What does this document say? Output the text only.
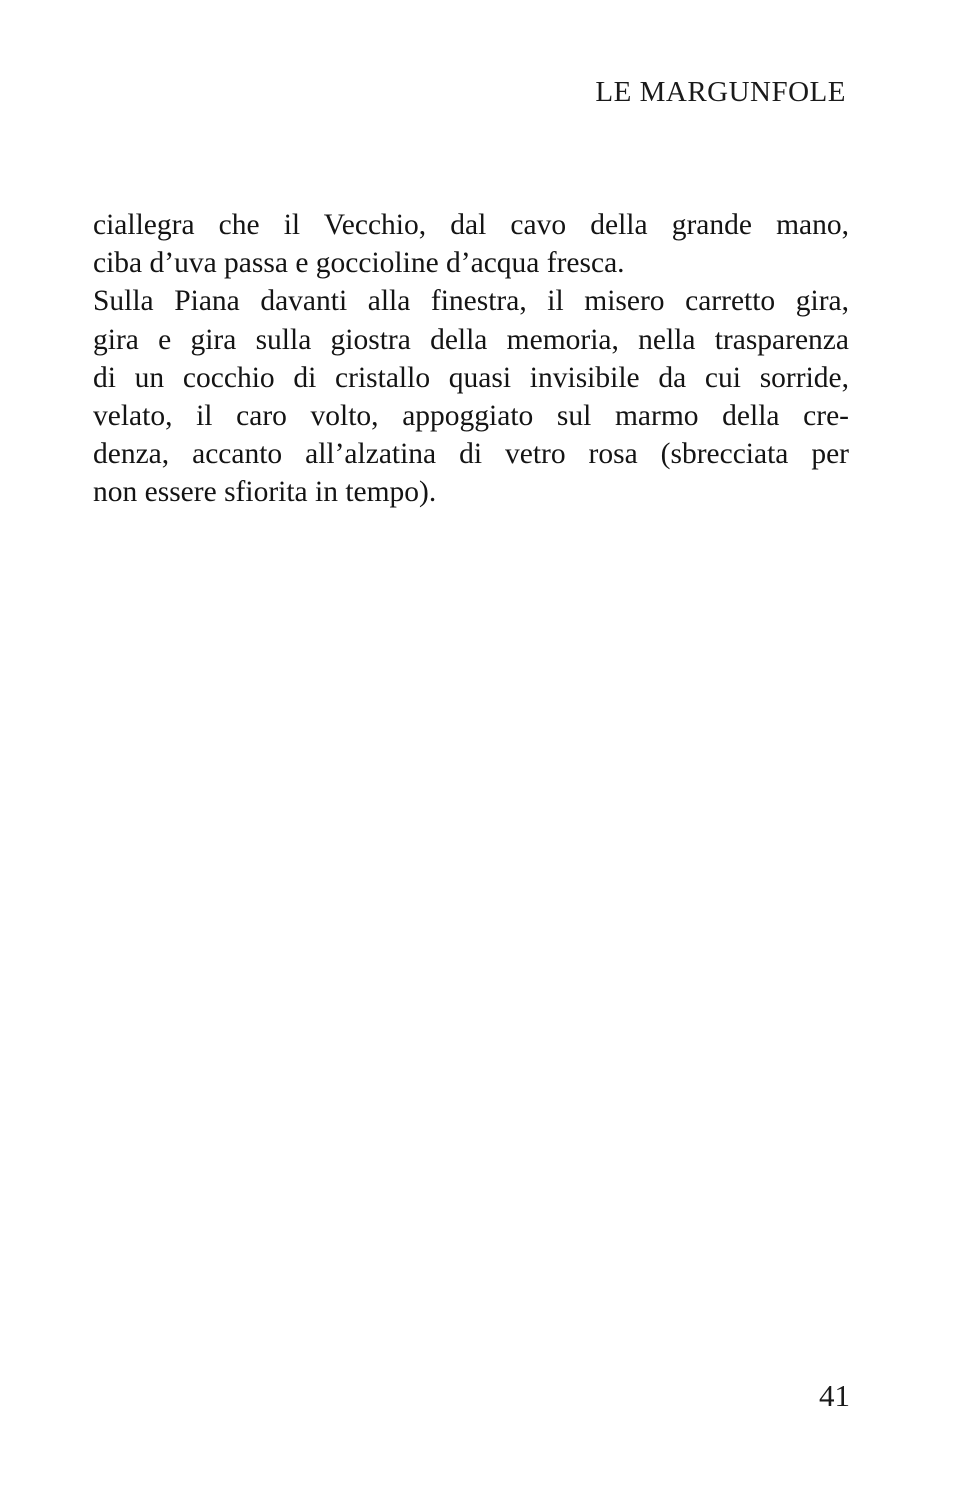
LE MARGUNFOLE
ciallegra che il Vecchio, dal cavo della grande mano,
ciba d’uva passa e goccioline d’acqua fresca.
Sulla Piana davanti alla finestra, il misero carretto gira,
gira e gira sulla giostra della memoria, nella trasparenza
di un cocchio di cristallo quasi invisibile da cui sorride,
velato, il caro volto, appoggiato sul marmo della cre-
denza, accanto all’alzatina di vetro rosa (sbrecciata per
non essere sfiorita in tempo).
41
